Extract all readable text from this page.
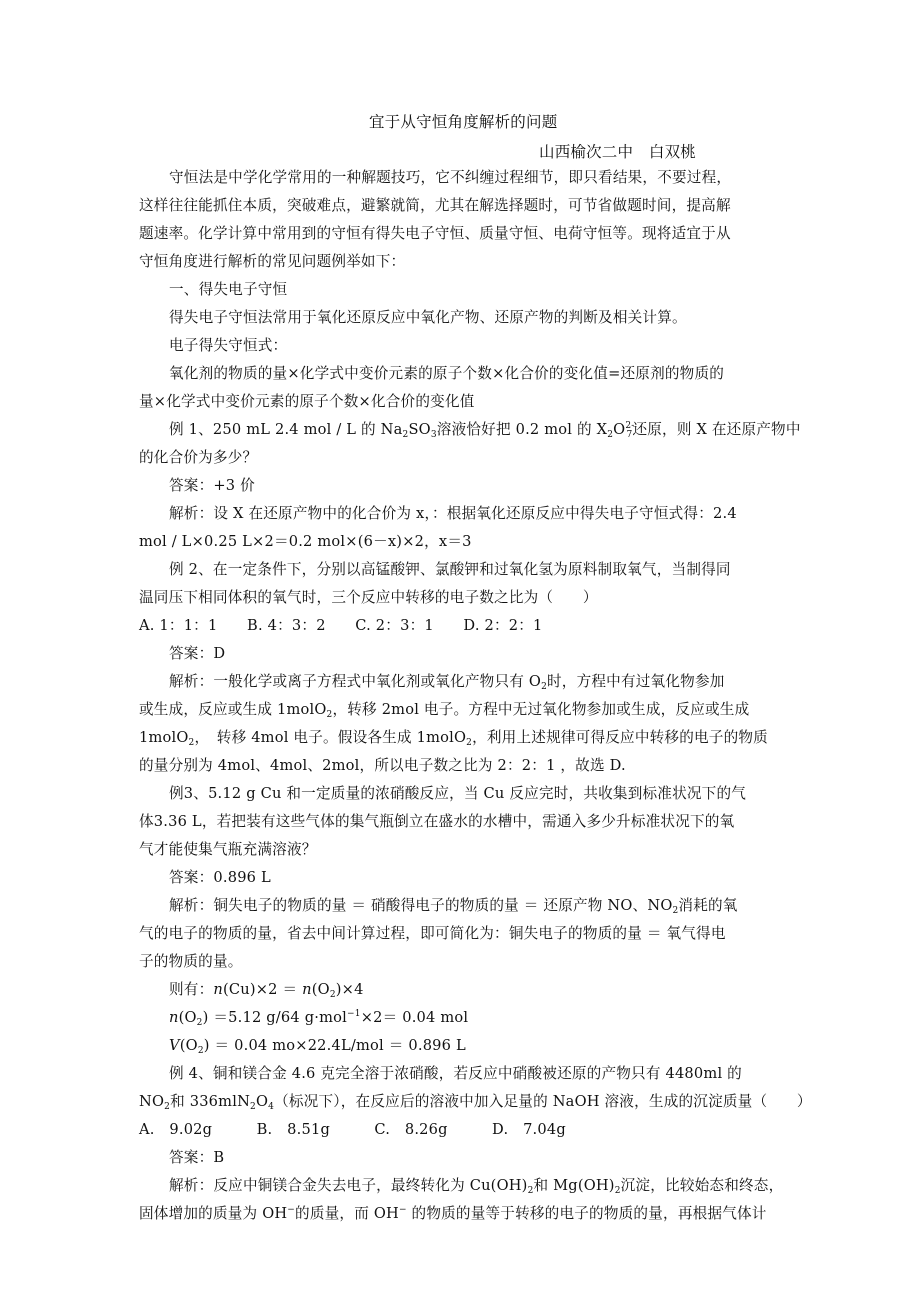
宜于从守恒角度解析的问题
山西榆次二中　白双桃
守恒法是中学化学常用的一种解题技巧，它不纠缠过程细节，即只看结果，不要过程，
这样往往能抓住本质，突破难点，避繁就简，尤其在解选择题时，可节省做题时间，提高解
题速率。化学计算中常用到的守恒有得失电子守恒、质量守恒、电荷守恒等。现将适宜于从
守恒角度进行解析的常见问题例举如下：
一、得失电子守恒
得失电子守恒法常用于氧化还原反应中氧化产物、还原产物的判断及相关计算。
电子得失守恒式：
氧化剂的物质的量×化学式中变价元素的原子个数×化合价的变化值=还原剂的物质的
量×化学式中变价元素的原子个数×化合价的变化值
例 1、250 mL 2.4 mol / L 的 $Na_2SO_3$溶液恰好把 0.2 mol 的 $X_2O^{2-}_7$还原，则 X 在还原产物中
的化合价为多少？
答案：+3 价
解析：设 X 在还原产物中的化合价为 x，：根据氧化还原反应中得失电子守恒式得：2.4
mol / L×0.25 L×2＝0.2 mol×(6－x)×2，x＝3
例 2、在一定条件下，分别以高锰酸钾、氯酸钾和过氧化氢为原料制取氧气，当制得同
温同压下相同体积的氧气时，三个反应中转移的电子数之比为（　　）
A. 1：1：1　　B. 4：3：2　　C. 2：3：1　　D. 2：2：1
答案：D
解析：一般化学或离子方程式中氧化剂或氧化产物只有 $O_2$时，方程中有过氧化物参加
或生成，反应或生成 1molO$_2$，转移 2mol 电子。方程中无过氧化物参加或生成，反应或生成
1molO$_2$，　转移 4mol 电子。假设各生成 1molO$_2$，利用上述规律可得反应中转移的电子的物质
的量分别为 4mol、4mol、2mol，所以电子数之比为 2：2：1 ，故选 D.
例3、5.12 g Cu 和一定质量的浓硝酸反应，当 Cu 反应完时，共收集到标准状况下的气
体3.36 L，若把装有这些气体的集气瓶倒立在盛水的水槽中，需通入多少升标准状况下的氧
气才能使集气瓶充满溶液？
答案：0.896 L
解析：铜失电子的物质的量 ＝ 硝酸得电子的物质的量 ＝ 还原产物 NO、$NO_2$消耗的氧
气的电子的物质的量，省去中间计算过程，即可简化为：铜失电子的物质的量 ＝ 氧气得电
子的物质的量。
则有：$n(Cu)\times 2 = n(O_2)\times 4$
$n(O_2) =5.12$ g/64 g·mol$^{-1}$×2＝ 0.04 mol
$V(O_2) = 0.04$ mo×22.4L/mol ＝ 0.896 L
例 4、铜和镁合金 4.6 克完全溶于浓硝酸，若反应中硝酸被还原的产物只有 4480ml 的
$NO_2$和 $336mlN_2O_4$（标况下），在反应后的溶液中加入足量的 NaOH 溶液，生成的沉淀质量（　　）
A.　9.02g　　　B.　8.51g　　　C.　8.26g　　　D.　7.04g
答案：B
解析：反应中铜镁合金失去电子，最终转化为 $Cu(OH)_2$和 $Mg(OH)_2$沉淀，比较始态和终态，
固体增加的质量为 OH−的质量，而 OH− 的物质的量等于转移的电子的物质的量，再根据气体计
